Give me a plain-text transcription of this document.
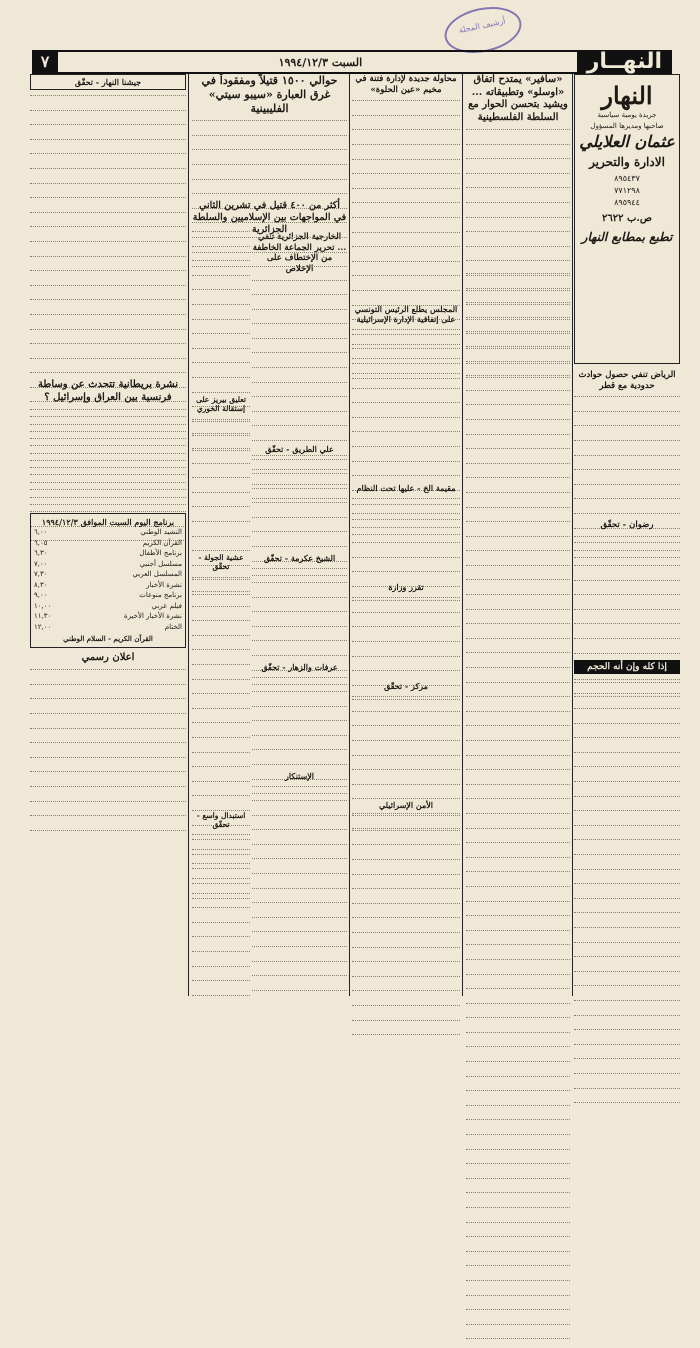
أرشيف المجلة
النهــار
السبت ١٩٩٤/١٢/٣
٧
النهار
جريدة يومية سياسية
صاحبها ومديرها المسؤول
عثمان العلايلي
الادارة والتحرير
٨٩٥٤٣٧
٧٧١٢٩٨
٨٩٥٩٤٤
ص.ب ٢٦٢٢
تطبع بمطابع النهار
«سافير» يمتدح اتفاق «اوسلو» وتطبيقاته ... ويشيد بتحسن الحوار مع السلطة الفلسطينية
الرياض تنفي حصول حوادث حدودية مع قطر
رضوان - تحقّق
إذا كله وإن أنه الحجم
محاولة جديدة لإدارة فتنة في مخيم «عين الحلوة»
المجلس يطلع الرئيس التونسي على إتفاقية الإدارة الإسرائيلية
مقيمة الخ - عليها تحت النظام
تقرر وزارة
مرکز - تحقّق
الأمن الإسرائيلي
الخارجية الجزائرية تنفي ... تحرير الجماعة الخاطفة من الإختطاف على الإخلاص
علي الطريق - تحقّق
الشيخ عكرمة - تحقّق
عرفات والزهار - تحقّق
الإستنكار
حوالي ١٥٠٠ قتيلاً ومفقوداً في غرق العبارة «سيبو سيتي» الفليبينية
تعليق بيريز على إستقالة الخوري
عشية الجولة - تحقّق
استبدال واسع - تحقّق
أكثر من ٤٠٠ قتيل في تشرين الثاني في المواجهات بين الإسلاميين والسلطة الجزائرية
جيشنا النهار - تحقّق
نشرة بريطانية تتحدث عن وساطة فرنسية بين العراق وإسرائيل ؟
برنامج اليوم السبت الموافق ١٩٩٤/١٢/٣
النشيد الوطني
٦,٠٠
القرآن الكريم
٦,٠٥
برنامج الأطفال
٦,٣٠
مسلسل أجنبي
٧,٠٠
المسلسل العربي
٧,٣٠
نشرة الأخبار
٨,٣٠
برنامج منوعات
٩,٠٠
فيلم عربي
١٠,٠٠
نشرة الأخبار الأخيرة
١١,٣٠
الختام
١٢,٠٠
القرآن الكريم - السلام الوطني
اعلان رسمي
